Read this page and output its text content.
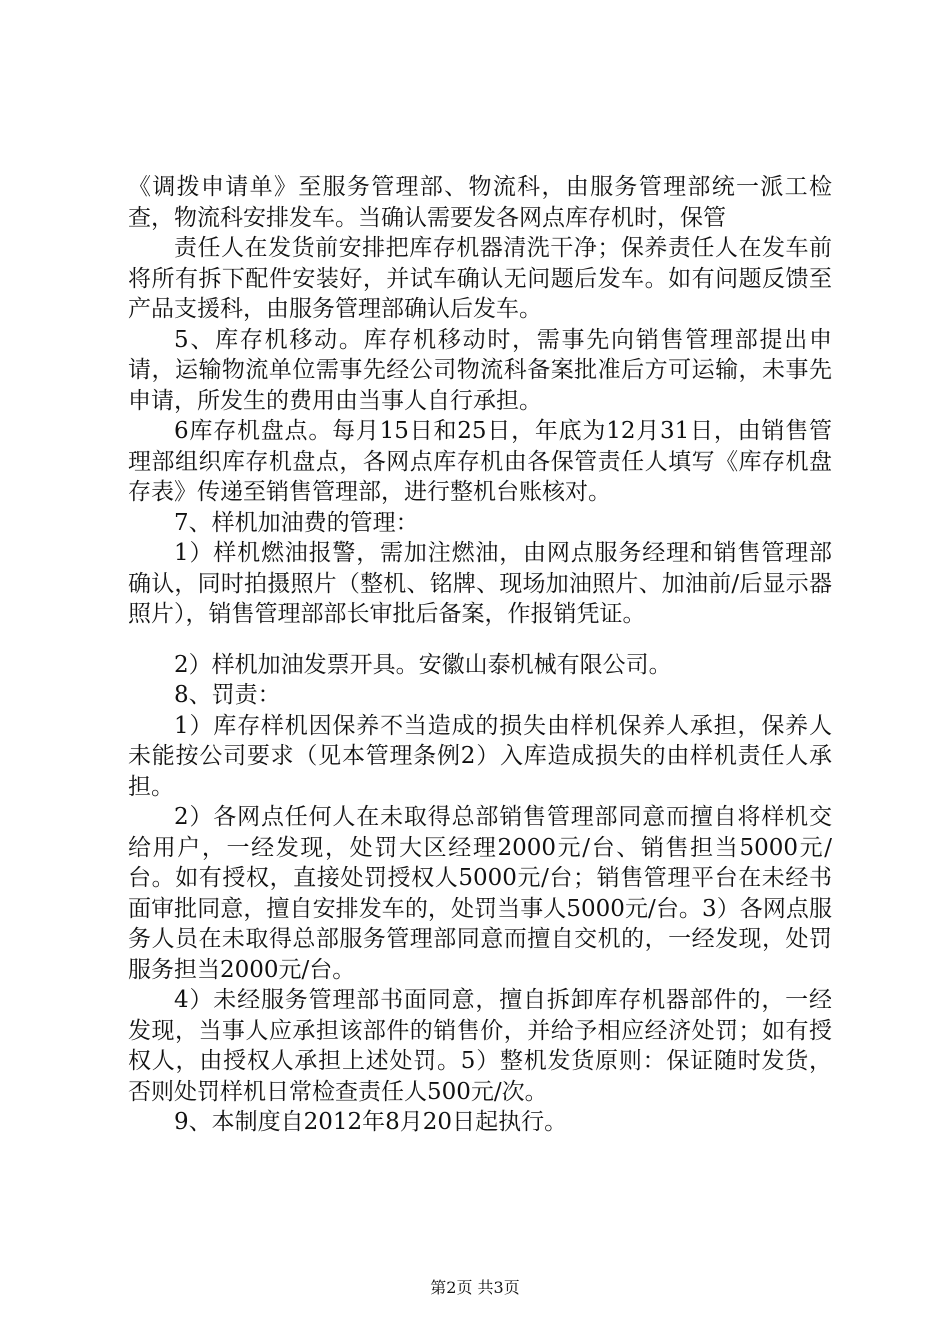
《调拨申请单》至服务管理部、物流科，由服务管理部统一派工检查，物流科安排发车。当确认需要发各网点库存机时，保管

责任人在发货前安排把库存机器清洗干净；保养责任人在发车前将所有拆下配件安装好，并试车确认无问题后发车。如有问题反馈至产品支援科，由服务管理部确认后发车。

5、库存机移动。库存机移动时，需事先向销售管理部提出申请，运输物流单位需事先经公司物流科备案批准后方可运输，未事先申请，所发生的费用由当事人自行承担。

6库存机盘点。每月15日和25日，年底为12月31日，由销售管理部组织库存机盘点，各网点库存机由各保管责任人填写《库存机盘存表》传递至销售管理部，进行整机台账核对。

7、样机加油费的管理：

1）样机燃油报警，需加注燃油，由网点服务经理和销售管理部确认，同时拍摄照片（整机、铭牌、现场加油照片、加油前/后显示器照片），销售管理部部长审批后备案，作报销凭证。

2）样机加油发票开具。安徽山泰机械有限公司。

8、罚责：

1）库存样机因保养不当造成的损失由样机保养人承担，保养人未能按公司要求（见本管理条例2）入库造成损失的由样机责任人承担。

2）各网点任何人在未取得总部销售管理部同意而擅自将样机交给用户，一经发现，处罚大区经理2000元/台、销售担当5000元/台。如有授权，直接处罚授权人5000元/台；销售管理平台在未经书面审批同意，擅自安排发车的，处罚当事人5000元/台。3）各网点服务人员在未取得总部服务管理部同意而擅自交机的，一经发现，处罚服务担当2000元/台。

4）未经服务管理部书面同意，擅自拆卸库存机器部件的，一经发现，当事人应承担该部件的销售价，并给予相应经济处罚；如有授权人，由授权人承担上述处罚。5）整机发货原则：保证随时发货，否则处罚样机日常检查责任人500元/次。

9、本制度自2012年8月20日起执行。

第2页 共3页
